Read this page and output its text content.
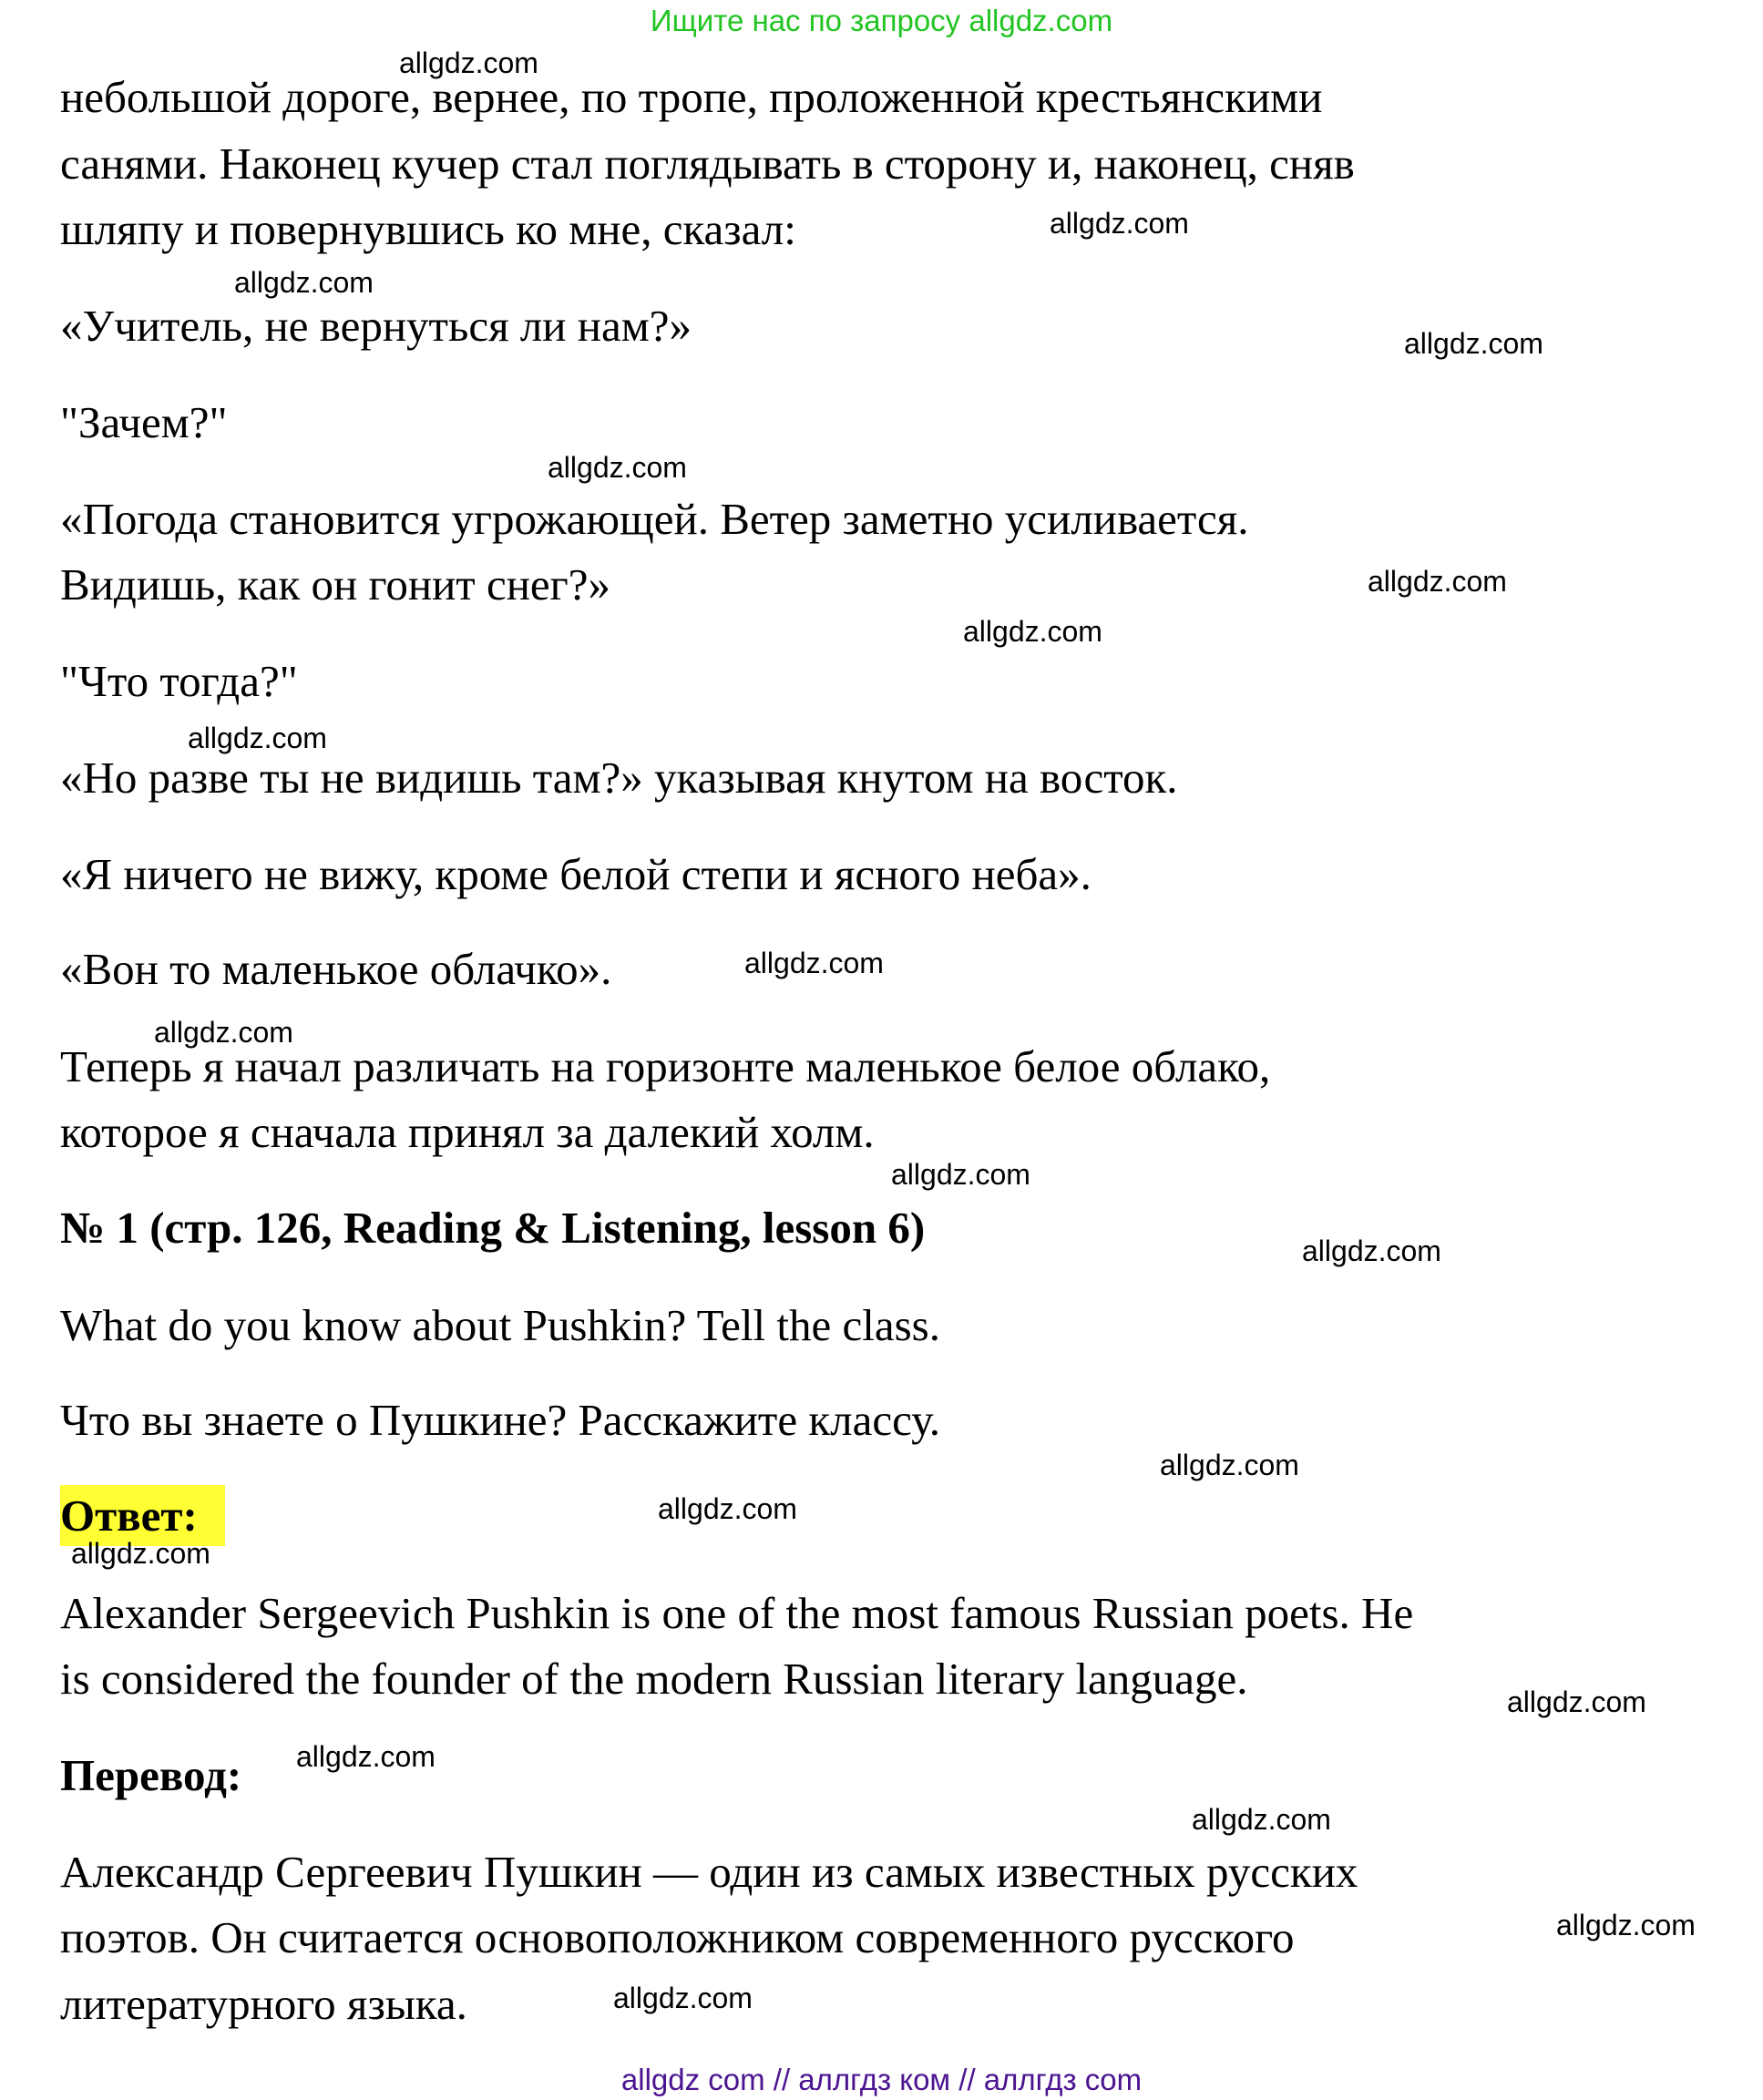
Ищите нас по запросу allgdz.com
небольшой дороге, вернее, по тропе, проложенной крестьянскими
санями. Наконец кучер стал поглядывать в сторону и, наконец, сняв
шляпу и повернувшись ко мне, сказал:
«Учитель, не вернуться ли нам?»
"Зачем?"
«Погода становится угрожающей. Ветер заметно усиливается.
Видишь, как он гонит снег?»
"Что тогда?"
«Но разве ты не видишь там?» указывая кнутом на восток.
«Я ничего не вижу, кроме белой степи и ясного неба».
«Вон то маленькое облачко».
Теперь я начал различать на горизонте маленькое белое облако,
которое я сначала принял за далекий холм.
№ 1 (стр. 126, Reading & Listening, lesson 6)
What do you know about Pushkin? Tell the class.
Что вы знаете о Пушкине? Расскажите классу.
Ответ:
Alexander Sergeevich Pushkin is one of the most famous Russian poets. He
is considered the founder of the modern Russian literary language.
Перевод:
Александр Сергеевич Пушкин — один из самых известных русских
поэтов. Он считается основоположником современного русского
литературного языка.
allgdz.com
allgdz.com
allgdz.com
allgdz.com
allgdz.com
allgdz.com
allgdz.com
allgdz.com
allgdz.com
allgdz.com
allgdz.com
allgdz.com
allgdz.com
allgdz.com
allgdz.com
allgdz.com
allgdz.com
allgdz.com
allgdz.com
allgdz.com
allgdz com // аллгдз ком // аллгдз com
